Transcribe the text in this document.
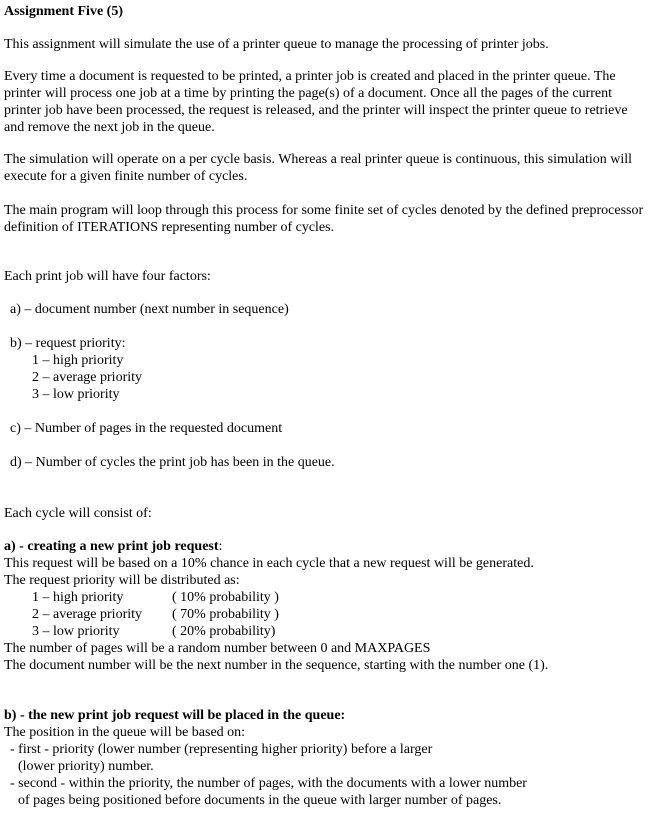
Assignment Five (5)

This assignment will simulate the use of a printer queue to manage the processing of printer jobs.

Every time a document is requested to be printed, a printer job is created and placed in the printer queue. The printer will process one job at a time by printing the page(s) of a document. Once all the pages of the current printer job have been processed, the request is released, and the printer will inspect the printer queue to retrieve and remove the next job in the queue.

The simulation will operate on a per cycle basis. Whereas a real printer queue is continuous, this simulation will execute for a given finite number of cycles.

The main program will loop through this process for some finite set of cycles denoted by the defined preprocessor definition of ITERATIONS representing number of cycles.

Each print job will have four factors:

a) – document number (next number in sequence)

b) – request priority:

1 – high priority

2 – average priority

3 – low priority

c) – Number of pages in the requested document

d) – Number of cycles the print job has been in the queue.

Each cycle will consist of:

a) - creating a new print job request:

This request will be based on a 10% chance in each cycle that a new request will be generated.

The request priority will be distributed as:

1 – high priority	( 10% probability )
2 – average priority	( 70% probability )
3 – low priority	( 20% probability)

The number of pages will be a random number between 0 and MAXPAGES

The document number will be the next number in the sequence, starting with the number one (1).

b) - the new print job request will be placed in the queue:

The position in the queue will be based on:

- first - priority (lower number (representing higher priority) before a larger

(lower priority) number.

- second - within the priority, the number of pages, with the documents with a lower number

of pages being positioned before documents in the queue with larger number of pages.
